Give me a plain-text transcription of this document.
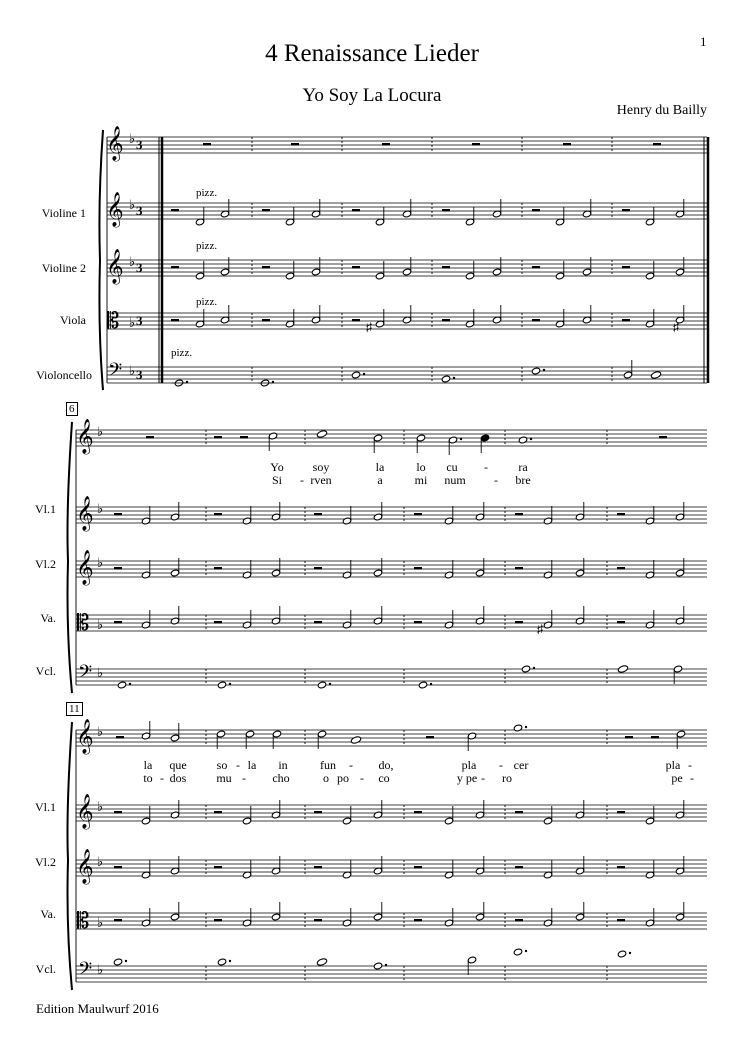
1
4 Renaissance Lieder
Yo Soy La Locura
Henry du Bailly
Violine 1
Violine 2
Viola
Violoncello
pizz.
pizz.
pizz.
pizz.
6
Vl.1
Vl.2
Va.
Vcl.
Yo	soy	la	lo	cu	-	ra
Si	- rven	a	mi	num	-	bre
11
Vl.1
Vl.2
Va.
Vcl.
la	que	so - la	in	fun	-	do,	pla	- cer	pla -
to - dos	mu -	cho	o po -	co	y pe -	ro	pe -
Edition Maulwurf 2016
𝄞 ♭ 3
𝄞 ♭ 3
𝄞 ♭ 3
𝄡 ♭ 3
𝄢 ♭ 3
♯	♯
𝄞 ♭
𝄞 ♭
𝄞 ♭
𝄡 ♭
𝄢 ♭
♯
𝄞 ♭
𝄞 ♭
𝄞 ♭
𝄡 ♭
𝄢 ♭
